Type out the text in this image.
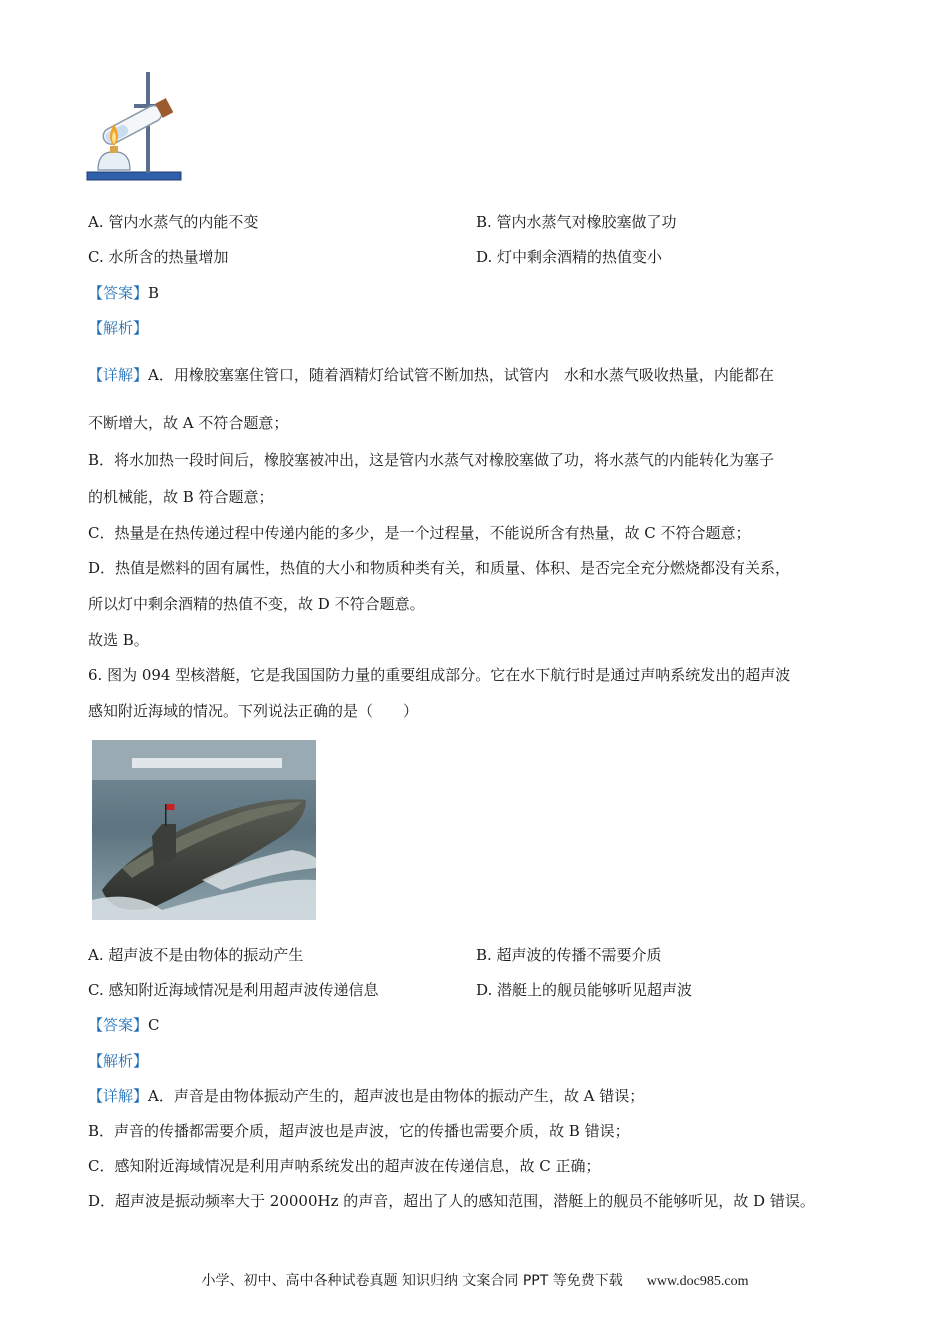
A. 管内水蒸气的内能不变	B. 管内水蒸气对橡胶塞做了功
C. 水所含的热量增加	D. 灯中剩余酒精的热值变小
【答案】B
【解析】
【详解】A．用橡胶塞塞住管口，随着酒精灯给试管不断加热，试管内　水和水蒸气吸收热量，内能都在
不断增大，故 A 不符合题意；
B．将水加热一段时间后，橡胶塞被冲出，这是管内水蒸气对橡胶塞做了功，将水蒸气的内能转化为塞子
的机械能，故 B 符合题意；
C．热量是在热传递过程中传递内能的多少，是一个过程量，不能说所含有热量，故 C 不符合题意；
D．热值是燃料的固有属性，热值的大小和物质种类有关，和质量、体积、是否完全充分燃烧都没有关系，
所以灯中剩余酒精的热值不变，故 D 不符合题意。
故选 B。
6. 图为 094 型核潜艇，它是我国国防力量的重要组成部分。它在水下航行时是通过声呐系统发出的超声波
感知附近海域的情况。下列说法正确的是（　　）
A. 超声波不是由物体的振动产生	B. 超声波的传播不需要介质
C. 感知附近海域情况是利用超声波传递信息	D. 潜艇上的舰员能够听见超声波
【答案】C
【解析】
【详解】A．声音是由物体振动产生的，超声波也是由物体的振动产生，故 A 错误；
B．声音的传播都需要介质，超声波也是声波，它的传播也需要介质，故 B 错误；
C．感知附近海域情况是利用声呐系统发出的超声波在传递信息，故 C 正确；
D．超声波是振动频率大于 20000Hz 的声音，超出了人的感知范围，潜艇上的舰员不能够听见，故 D 错误。
小学、初中、高中各种试卷真题 知识归纳 文案合同 PPT 等免费下载 www.doc985.com
